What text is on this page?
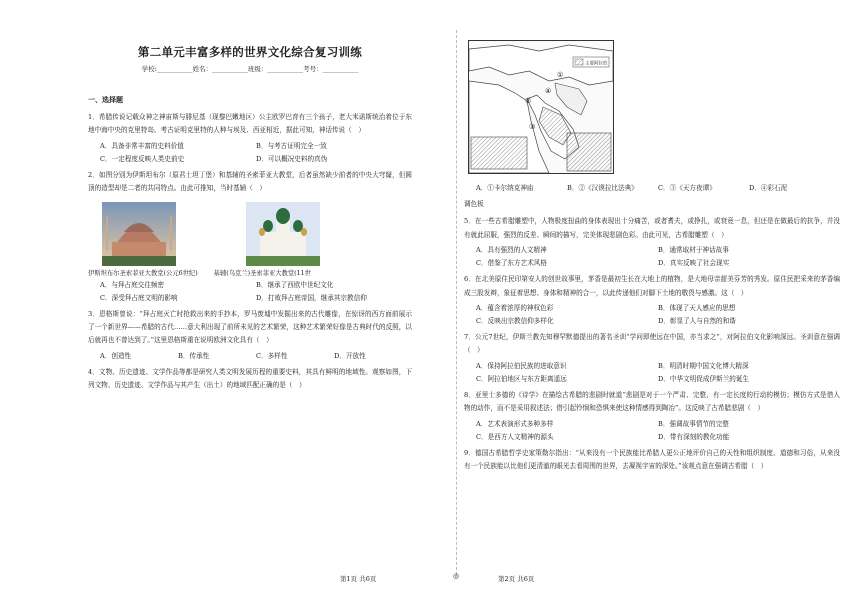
第二单元丰富多样的世界文化综合复习训练
学校:___________姓名：___________班级：___________考号：___________
一、选择题

1．希腊传说记载众神之神宙斯与腓尼基（现黎巴嫩地区）公主欧罗巴育有三个孩子，老大米诺斯统治着位于东地中海中央的克里特岛。考古证明克里特的人种与埃及、西亚相近，据此可知，神话传说（　）

A．具备非常丰富的史料价值	B．与考古证明完全一致
C．一定程度反映人类史前史	D．可以概况史料的真伪

2．如图分别为伊斯坦布尔（原君士坦丁堡）和基辅的圣索菲亚大教堂，后者虽然缺少前者的中央大穹窿，但圆顶的造型却是二者的共同特点。由此可推知，当时基辅（　）

伊斯坦布尔圣索菲亚大教堂(公元6世纪)	基辅(乌克兰)圣索菲亚大教堂(11世
A．与拜占庭交往频密	B．继承了西欧中世纪文化
C．深受拜占庭文明的影响	D．打败拜占庭帝国，继承其宗教信仰

3．恩格斯曾说：“拜占庭灭亡时抢救出来的手抄本，罗马废墟中发掘出来的古代雕像，在惊讶的西方面前展示了一个新世界——希腊的古代……意大利出现了前所未见的艺术繁荣，这种艺术繁荣好像是古典时代的反照，以后就再也不曾达到了。”这里恩格斯重在说明欧洲文化具有（　）

A．创造性	B．传承性	C．多样性	D．开放性

4．文物、历史遗迹、文学作品等都是研究人类文明发展历程的重要史料，其具有鲜明的地域性。观察如图，下列文物、历史遗迹、文学作品与其产生（出土）的地域匹配正确的是（　）

主要阿拉伯
①
②
③
④
A．①卡尔纳克神庙	B．②《汉谟拉比法典》	C．③《天方夜谭》	D．④彩石泥
调色板

5．在一些古希腊雕塑中，人物极度扭曲的身体表现出十分痛苦，或者耆夫，或挣扎，或衰竟一息，但还是在做最后的抗争，并没有就此屈服，强烈的反差、瞬间的描写，完美体现悲剧色彩。由此可见，古希腊雕塑（　）

A．具有强烈的人文精神	B．通常取材于神话故事
C．借鉴了东方艺术风格	D．真实反映了社会现实

6．在北美原住民印第安人的创世故事里，茅香是最初生长在大地上的植物，是大地母亲甜美芬芳的秀发。原住民把采来的茅香编成三股发辫，象征着思想、身体和精神的合一，以此传递他们对脚下土地的敬畏与感激。这（　）

A．蕴含着浓厚的神权色彩	B．体现了天人感应的思想
C．反映出宗教信仰多样化	D．彰显了人与自然的和谐

7．公元7世纪，伊斯兰教先知穆罕默德提出的著名圣训“学问即使远在中国，亦当求之”，对阿拉伯文化影响深远。圣训意在强调（　）

A．保持阿拉伯民族的进取意识	B．明清时期中国文化博大精深
C．阿拉伯地区与东方距离遥远	D．中华文明促成伊斯兰的诞生

8．亚里士多德的《诗学》在描绘古希腊的悲剧时就道“悲剧是对于一个严肃、完整、有一定长度的行动的模仿；模仿方式是借人物的动作，而不是采用叙述法；借引起怜悯和恐惧来使这种情感得到陶冶”。这反映了古希腊悲剧（　）

A．艺术表演形式多种多样	B．强调故事情节的完整
C．是西方人文精神的源头	D．带有深刻的教化功能

9．德国古希腊哲学史家策勒尔指出：“从来没有一个民族能比希腊人更公正地评价自己的天性和组织制度、道德和习俗，从来没有一个民族能以比他们更清澈的眼光去看周围的世界，去凝视宇宙的深处。”该观点意在强调古希腊（　）

第1页 共6页	◎	第2页 共6页
